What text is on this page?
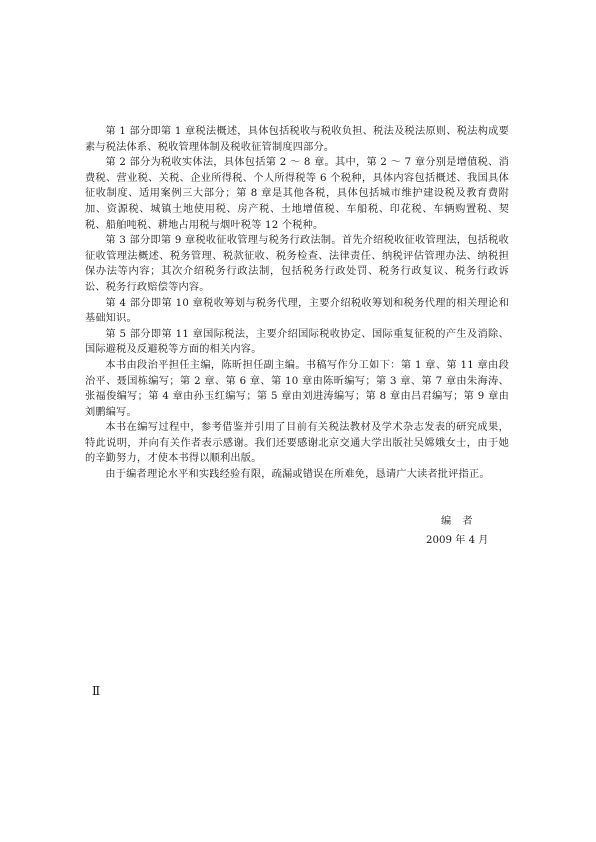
第 1 部分即第 1 章税法概述，具体包括税收与税收负担、税法及税法原则、税法构成要素与税法体系、税收管理体制及税收征管制度四部分。

第 2 部分为税收实体法，具体包括第 2 ～ 8 章。其中，第 2 ～ 7 章分别是增值税、消费税、营业税、关税、企业所得税、个人所得税等 6 个税种，具体内容包括概述、我国具体征收制度、适用案例三大部分；第 8 章是其他各税，具体包括城市维护建设税及教育费附加、资源税、城镇土地使用税、房产税、土地增值税、车船税、印花税、车辆购置税、契税、船舶吨税、耕地占用税与烟叶税等 12 个税种。

第 3 部分即第 9 章税收征收管理与税务行政法制。首先介绍税收征收管理法，包括税收征收管理法概述、税务管理、税款征收、税务检查、法律责任、纳税评估管理办法、纳税担保办法等内容；其次介绍税务行政法制，包括税务行政处罚、税务行政复议、税务行政诉讼、税务行政赔偿等内容。

第 4 部分即第 10 章税收筹划与税务代理，主要介绍税收筹划和税务代理的相关理论和基础知识。

第 5 部分即第 11 章国际税法，主要介绍国际税收协定、国际重复征税的产生及消除、国际避税及反避税等方面的相关内容。

本书由段治平担任主编，陈昕担任副主编。书稿写作分工如下：第 1 章、第 11 章由段治平、聂国栋编写；第 2 章、第 6 章、第 10 章由陈昕编写；第 3 章、第 7 章由朱海涛、张福俊编写；第 4 章由孙玉红编写；第 5 章由刘进涛编写；第 8 章由吕君编写；第 9 章由刘鹏编写。

本书在编写过程中，参考借鉴并引用了目前有关税法教材及学术杂志发表的研究成果，特此说明，并向有关作者表示感谢。我们还要感谢北京交通大学出版社吴嫦娥女士，由于她的辛勤努力，才使本书得以顺利出版。

由于编者理论水平和实践经验有限，疏漏或错误在所难免，恳请广大读者批评指正。

编　者
2009 年 4 月
Ⅱ
